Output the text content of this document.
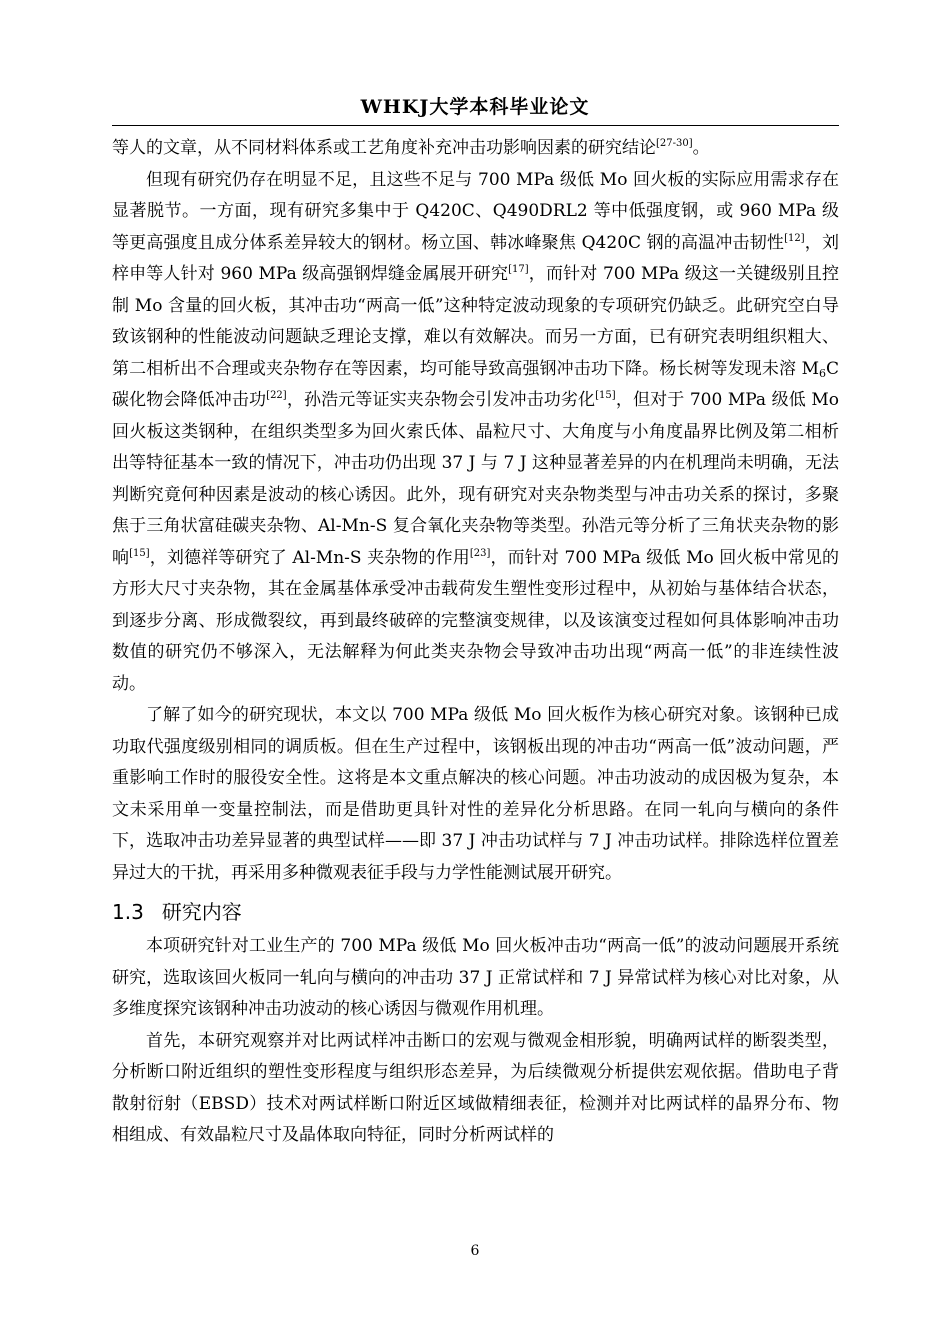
WHKJ大学本科毕业论文

等人的文章，从不同材料体系或工艺角度补充冲击功影响因素的研究结论[27-30]。

但现有研究仍存在明显不足，且这些不足与 700 MPa 级低 Mo 回火板的实际应用需求存在显著脱节。一方面，现有研究多集中于 Q420C、Q490DRL2 等中低强度钢，或 960 MPa 级等更高强度且成分体系差异较大的钢材。杨立国、韩冰峰聚焦 Q420C 钢的高温冲击韧性[12]，刘梓申等人针对 960 MPa 级高强钢焊缝金属展开研究[17]，而针对 700 MPa 级这一关键级别且控制 Mo 含量的回火板，其冲击功“两高一低”这种特定波动现象的专项研究仍缺乏。此研究空白导致该钢种的性能波动问题缺乏理论支撑，难以有效解决。而另一方面，已有研究表明组织粗大、第二相析出不合理或夹杂物存在等因素，均可能导致高强钢冲击功下降。杨长树等发现未溶 $M_6C$ 碳化物会降低冲击功[22]，孙浩元等证实夹杂物会引发冲击功劣化[15]，但对于 700 MPa 级低 Mo 回火板这类钢种，在组织类型多为回火索氏体、晶粒尺寸、大角度与小角度晶界比例及第二相析出等特征基本一致的情况下，冲击功仍出现 37 J 与 7 J 这种显著差异的内在机理尚未明确，无法判断究竟何种因素是波动的核心诱因。此外，现有研究对夹杂物类型与冲击功关系的探讨，多聚焦于三角状富硅碳夹杂物、Al-Mn-S 复合氧化夹杂物等类型。孙浩元等分析了三角状夹杂物的影响[15]，刘德祥等研究了 Al-Mn-S 夹杂物的作用[23]，而针对 700 MPa 级低 Mo 回火板中常见的方形大尺寸夹杂物，其在金属基体承受冲击载荷发生塑性变形过程中，从初始与基体结合状态，到逐步分离、形成微裂纹，再到最终破碎的完整演变规律，以及该演变过程如何具体影响冲击功数值的研究仍不够深入，无法解释为何此类夹杂物会导致冲击功出现“两高一低”的非连续性波动。

了解了如今的研究现状，本文以 700 MPa 级低 Mo 回火板作为核心研究对象。该钢种已成功取代强度级别相同的调质板。但在生产过程中，该钢板出现的冲击功“两高一低”波动问题，严重影响工作时的服役安全性。这将是本文重点解决的核心问题。冲击功波动的成因极为复杂，本文未采用单一变量控制法，而是借助更具针对性的差异化分析思路。在同一轧向与横向的条件下，选取冲击功差异显著的典型试样——即 37 J 冲击功试样与 7 J 冲击功试样。排除选样位置差异过大的干扰，再采用多种微观表征手段与力学性能测试展开研究。

1.3 研究内容

本项研究针对工业生产的 700 MPa 级低 Mo 回火板冲击功“两高一低”的波动问题展开系统研究，选取该回火板同一轧向与横向的冲击功 37 J 正常试样和 7 J 异常试样为核心对比对象，从多维度探究该钢种冲击功波动的核心诱因与微观作用机理。

首先，本研究观察并对比两试样冲击断口的宏观与微观金相形貌，明确两试样的断裂类型，分析断口附近组织的塑性变形程度与组织形态差异，为后续微观分析提供宏观依据。借助电子背散射衍射（EBSD）技术对两试样断口附近区域做精细表征，检测并对比两试样的晶界分布、物相组成、有效晶粒尺寸及晶体取向特征，同时分析两试样的

6
